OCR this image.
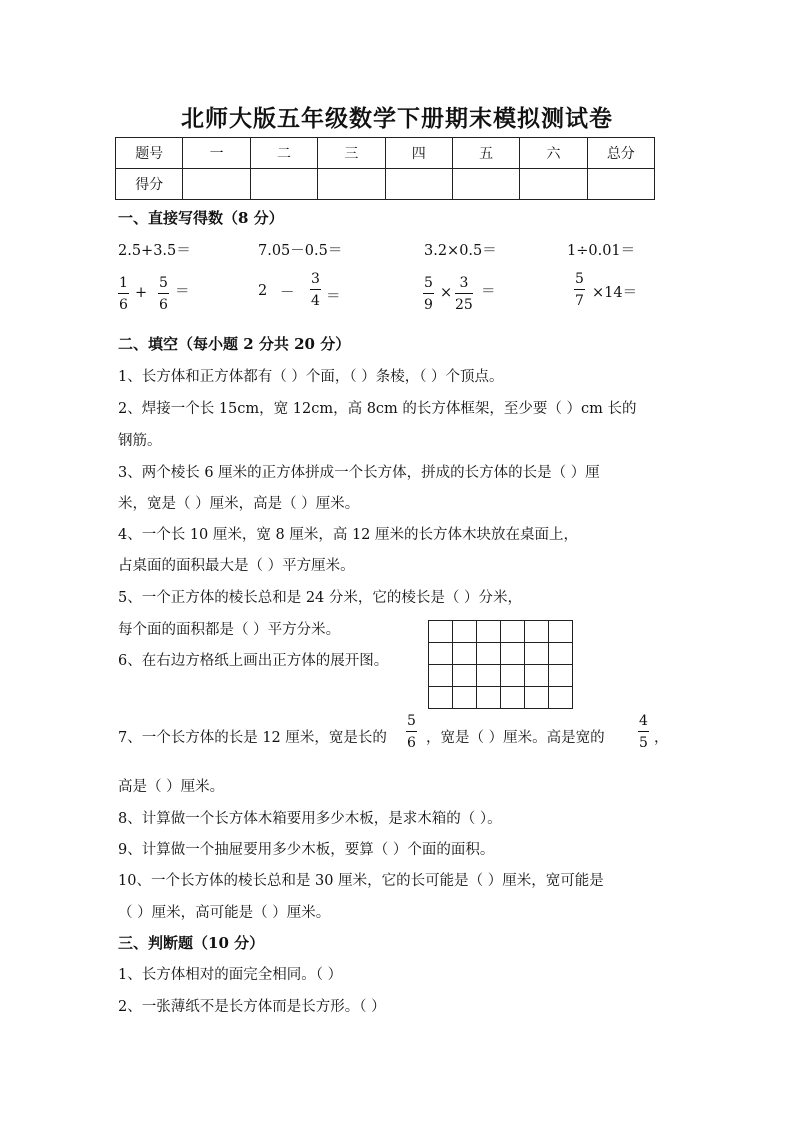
北师大版五年级数学下册期末模拟测试卷
题号	一	二	三	四	五	六	总分
得分							
一、直接写得数（8 分）
2.5+3.5＝	7.05－0.5＝	3.2×0.5＝	1÷0.01＝
$\frac{1}{6} + \frac{5}{6}$ ＝	$2 - \frac{3}{4}$ ＝	$\frac{5}{9} \times \frac{3}{25}$ ＝	$\frac{5}{7} \times 14=$
二、填空（每小题 2 分共 20 分）
1、长方体和正方体都有（ ）个面，（ ）条棱，（ ）个顶点。
2、焊接一个长 15cm，宽 12cm，高 8cm 的长方体框架，至少要（ ）cm 长的
钢筋。
3、两个棱长 6 厘米的正方体拼成一个长方体，拼成的长方体的长是（ ）厘
米，宽是（ ）厘米，高是（ ）厘米。
4、一个长 10 厘米，宽 8 厘米，高 12 厘米的长方体木块放在桌面上，
占桌面的面积最大是（ ）平方厘米。
5、一个正方体的棱长总和是 24 分米，它的棱长是（ ）分米，
每个面的面积都是（ ）平方分米。
6、在右边方格纸上画出正方体的展开图。

7、一个长方体的长是 12 厘米，宽是长的 $\frac{5}{6}$ ，宽是（ ）厘米。高是宽的 $\frac{4}{5}$ ，
高是（ ）厘米。
8、计算做一个长方体木箱要用多少木板，是求木箱的（ ）。
9、计算做一个抽屉要用多少木板，要算（ ）个面的面积。
10、一个长方体的棱长总和是 30 厘米，它的长可能是（ ）厘米，宽可能是
（ ）厘米，高可能是（ ）厘米。
三、判断题（10 分）
1、长方体相对的面完全相同。（ ）
2、一张薄纸不是长方体而是长方形。（ ）
